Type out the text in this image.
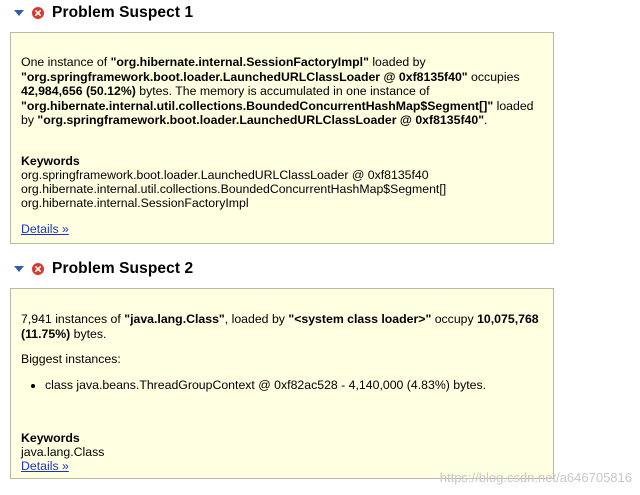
Problem Suspect 1

One instance of "org.hibernate.internal.SessionFactoryImpl" loaded by "org.springframework.boot.loader.LaunchedURLClassLoader @ 0xf8135f40" occupies 42,984,656 (50.12%) bytes. The memory is accumulated in one instance of "org.hibernate.internal.util.collections.BoundedConcurrentHashMap$Segment[]" loaded by "org.springframework.boot.loader.LaunchedURLClassLoader @ 0xf8135f40".

Keywords
org.springframework.boot.loader.LaunchedURLClassLoader @ 0xf8135f40
org.hibernate.internal.util.collections.BoundedConcurrentHashMap$Segment[]
org.hibernate.internal.SessionFactoryImpl
Details »
Problem Suspect 2

7,941 instances of "java.lang.Class", loaded by "<system class loader>" occupy 10,075,768 (11.75%) bytes.

Biggest instances:
• class java.beans.ThreadGroupContext @ 0xf82ac528 - 4,140,000 (4.83%) bytes.
Keywords
java.lang.Class
Details »
https://blog.csdn.net/a646705816
